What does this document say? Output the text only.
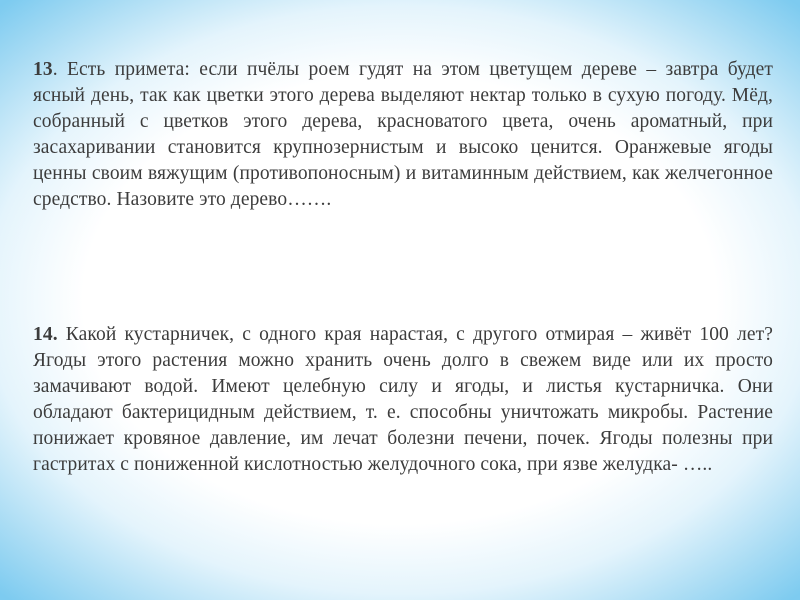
13. Есть примета: если пчёлы роем гудят на этом цветущем дереве – завтра будет ясный день, так как цветки этого дерева выделяют нектар только в сухую погоду. Мёд, собранный с цветков этого дерева, красноватого цвета, очень ароматный, при засахаривании становится крупнозернистым и высоко ценится. Оранжевые ягоды ценны своим вяжущим (противопоносным) и витаминным действием, как желчегонное средство. Назовите это дерево…….

14. Какой кустарничек, с одного края нарастая, с другого отмирая – живёт 100 лет? Ягоды этого растения можно хранить очень долго в свежем виде или их просто замачивают водой. Имеют целебную силу и ягоды, и листья кустарничка. Они обладают бактерицидным действием, т. е. способны уничтожать микробы. Растение понижает кровяное давление, им лечат болезни печени, почек. Ягоды полезны при гастритах с пониженной кислотностью желудочного сока, при язве желудка- …..
